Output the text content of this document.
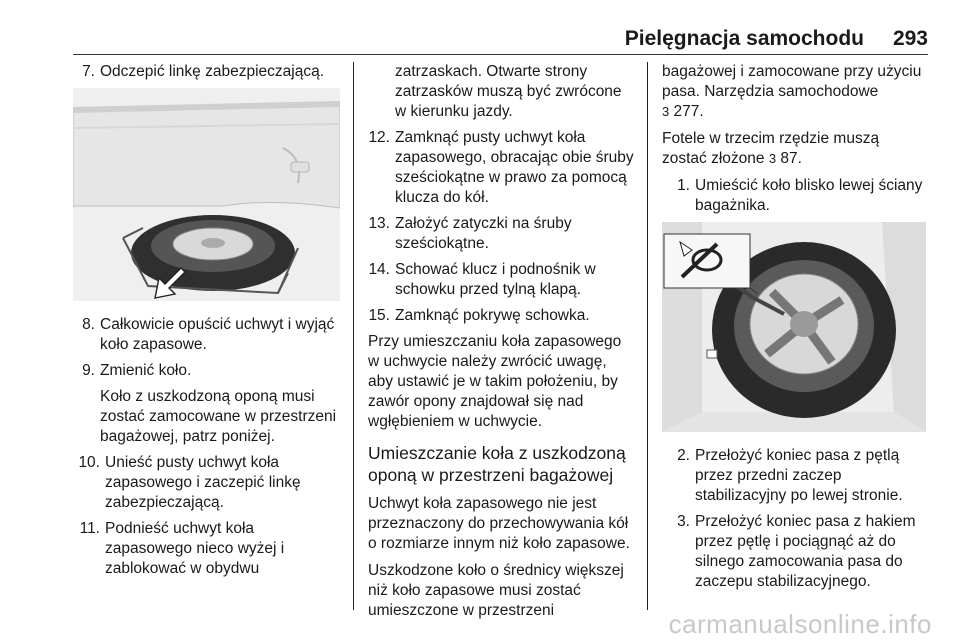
Pielęgnacja samochodu 293
7. Odczepić linkę zabezpieczającą.
8. Całkowicie opuścić uchwyt i wyjąć koło zapasowe.
9. Zmienić koło.
Koło z uszkodzoną oponą musi zostać zamocowane w przestrzeni bagażowej, patrz poniżej.
10. Unieść pusty uchwyt koła zapasowego i zaczepić linkę zabezpieczającą.
11. Podnieść uchwyt koła zapasowego nieco wyżej i zablokować w obydwu
zatrzaskach. Otwarte strony zatrzasków muszą być zwrócone w kierunku jazdy.
12. Zamknąć pusty uchwyt koła zapasowego, obracając obie śruby sześciokątne w prawo za pomocą klucza do kół.
13. Założyć zatyczki na śruby sześciokątne.
14. Schować klucz i podnośnik w schowku przed tylną klapą.
15. Zamknąć pokrywę schowka.
Przy umieszczaniu koła zapasowego w uchwycie należy zwrócić uwagę, aby ustawić je w takim położeniu, by zawór opony znajdował się nad wgłębieniem w uchwycie.
Umieszczanie koła z uszkodzoną oponą w przestrzeni bagażowej
Uchwyt koła zapasowego nie jest przeznaczony do przechowywania kół o rozmiarze innym niż koło zapasowe.
Uszkodzone koło o średnicy większej niż koło zapasowe musi zostać umieszczone w przestrzeni
bagażowej i zamocowane przy użyciu pasa. Narzędzia samochodowe
3 277.
Fotele w trzecim rzędzie muszą zostać złożone 3 87.
1. Umieścić koło blisko lewej ściany bagażnika.
2. Przełożyć koniec pasa z pętlą przez przedni zaczep stabilizacyjny po lewej stronie.
3. Przełożyć koniec pasa z hakiem przez pętlę i pociągnąć aż do silnego zamocowania pasa do zaczepu stabilizacyjnego.
carmanualsonline.info
